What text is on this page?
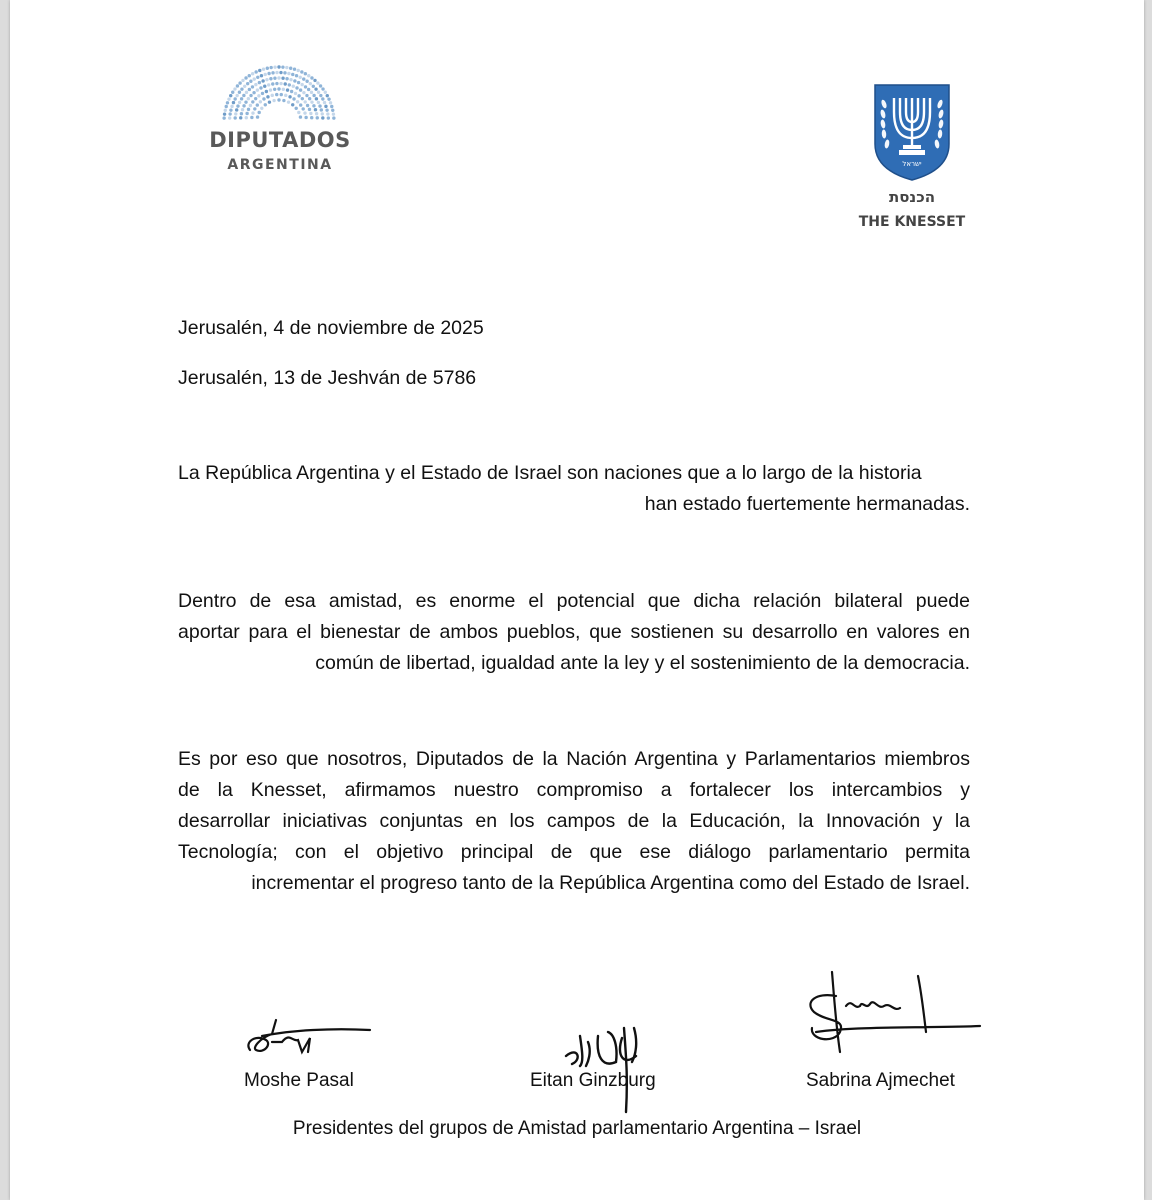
DIPUTADOS
ARGENTINA	ישראל
הכנסת
THE KNESSET
Jerusalén, 4 de noviembre de 2025
Jerusalén, 13 de Jeshván de 5786
La República Argentina y el Estado de Israel son naciones que a lo largo de la historia
han estado fuertemente hermanadas.
Dentro de esa amistad, es enorme el potencial que dicha relación bilateral puede
aportar para el bienestar de ambos pueblos, que sostienen su desarrollo en valores en
común de libertad, igualdad ante la ley y el sostenimiento de la democracia.
Es por eso que nosotros, Diputados de la Nación Argentina y Parlamentarios miembros
de la Knesset, afirmamos nuestro compromiso a fortalecer los intercambios y
desarrollar iniciativas conjuntas en los campos de la Educación, la Innovación y la
Tecnología; con el objetivo principal de que ese diálogo parlamentario permita
incrementar el progreso tanto de la República Argentina como del Estado de Israel.
Moshe Pasal	Eitan Ginzburg	Sabrina Ajmechet
Presidentes del grupos de Amistad parlamentario Argentina – Israel
